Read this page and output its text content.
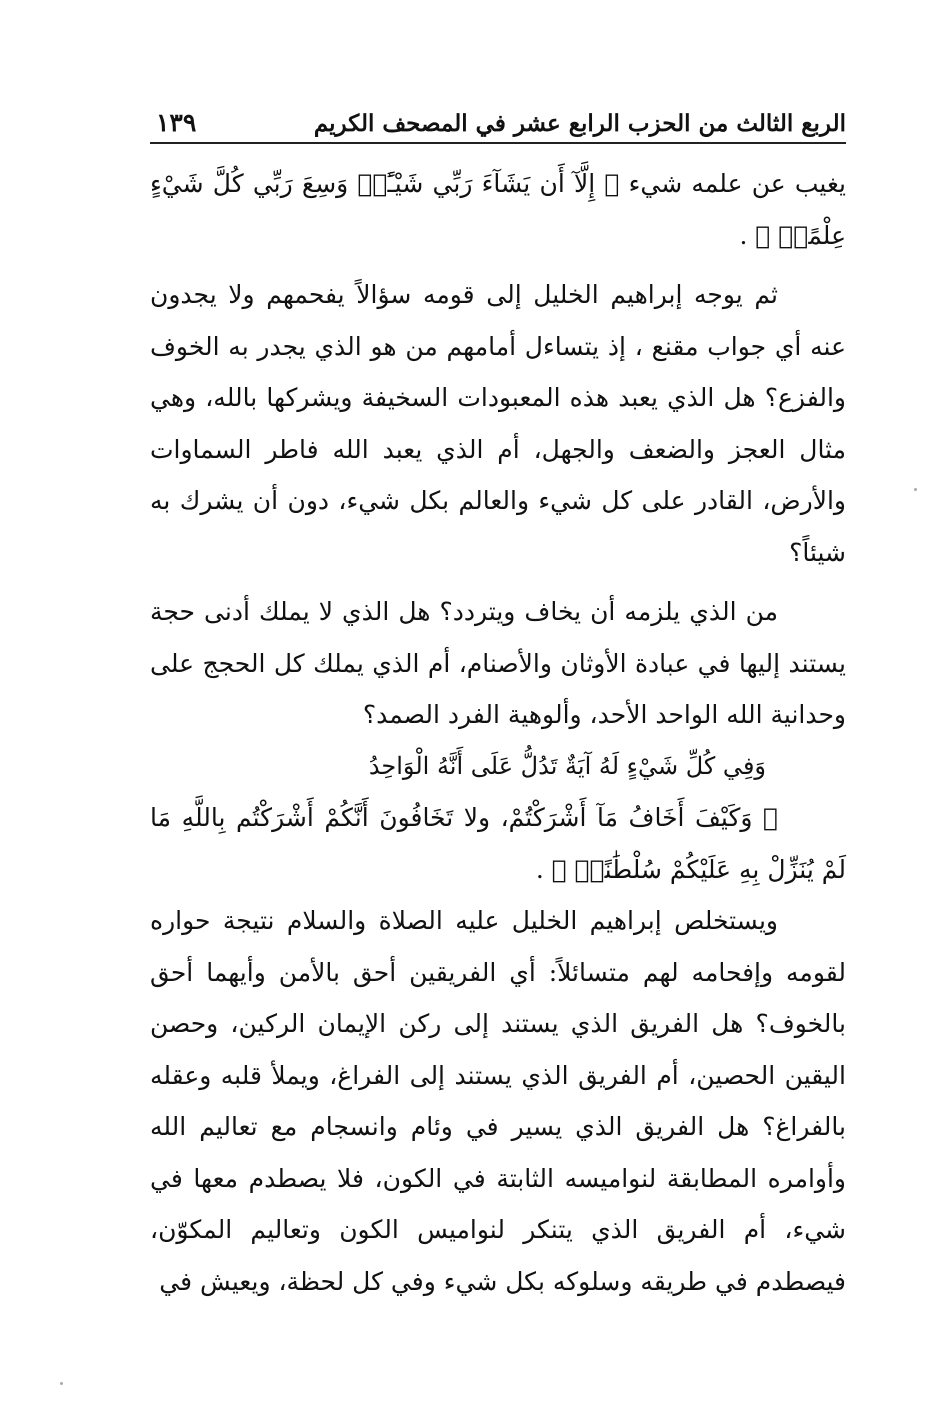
الربع الثالث من الحزب الرابع عشر في المصحف الكريم
١٣٩

يغيب عن علمه شيء ﴿ إِلَّآ أَن يَشَآءَ رَبِّي شَيْـًٔاۚ وَسِعَ رَبِّي كُلَّ شَيْءٍ عِلْمًاۗ ﴾ .

ثم يوجه إبراهيم الخليل إلى قومه سؤالاً يفحمهم ولا يجدون عنه أي جواب مقنع ، إذ يتساءل أمامهم من هو الذي يجدر به الخوف والفزع؟ هل الذي يعبد هذه المعبودات السخيفة ويشركها بالله، وهي مثال العجز والضعف والجهل، أم الذي يعبد الله فاطر السماوات والأرض، القادر على كل شيء والعالم بكل شيء، دون أن يشرك به شيئاً؟

من الذي يلزمه أن يخاف ويتردد؟ هل الذي لا يملك أدنى حجة يستند إليها في عبادة الأوثان والأصنام، أم الذي يملك كل الحجج على وحدانية الله الواحد الأحد، وألوهية الفرد الصمد؟

وَفِي كُلِّ شَيْءٍ لَهُ آيَةٌ تَدُلُّ عَلَى أَنَّهُ الْوَاحِدُ

﴿ وَكَيْفَ أَخَافُ مَآ أَشْرَكْتُمْ، ولا تَخَافُونَ أَنَّكُمْ أَشْرَكْتُم بِاللَّهِ مَا لَمْ يُنَزِّلْ بِهِ عَلَيْكُمْ سُلْطَٰنًاۚ ﴾ .

ويستخلص إبراهيم الخليل عليه الصلاة والسلام نتيجة حواره لقومه وإفحامه لهم متسائلاً: أي الفريقين أحق بالأمن وأيهما أحق بالخوف؟ هل الفريق الذي يستند إلى ركن الإيمان الركين، وحصن اليقين الحصين، أم الفريق الذي يستند إلى الفراغ، ويملأ قلبه وعقله بالفراغ؟ هل الفريق الذي يسير في وئام وانسجام مع تعاليم الله وأوامره المطابقة لنواميسه الثابتة في الكون، فلا يصطدم معها في شيء، أم الفريق الذي يتنكر لنواميس الكون وتعاليم المكوّن، فيصطدم في طريقه وسلوكه بكل شيء وفي كل لحظة، ويعيش في
